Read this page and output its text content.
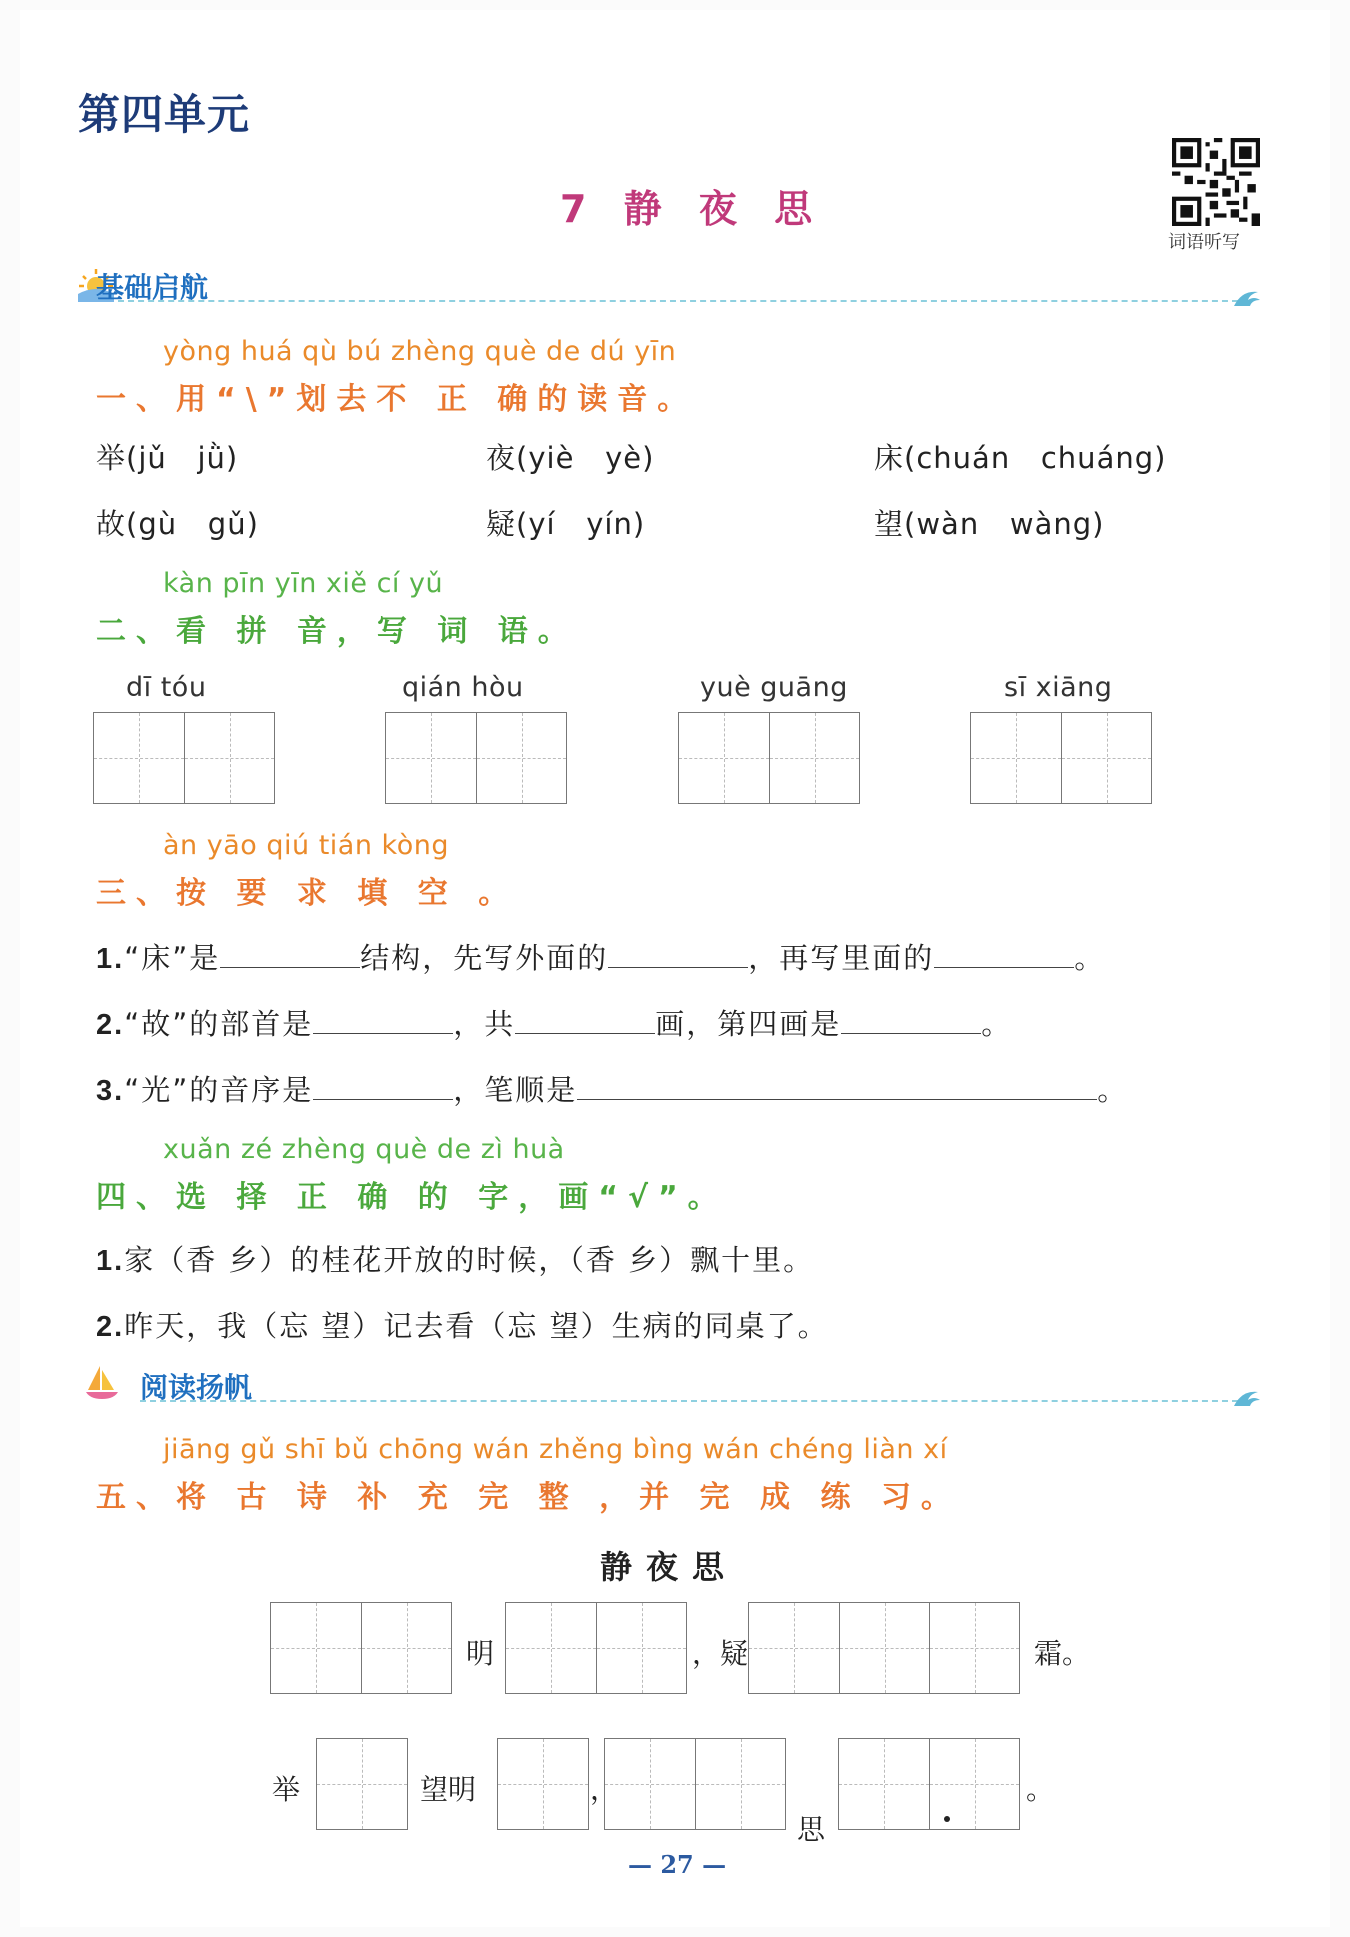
第四单元
7 静 夜 思
词语听写
基础启航
yòng huá qù bú zhèng què de dú yīn
一、用“\”划去不 正 确的读音。
举(jǔ jǜ)	夜(yiè yè)	床(chuán chuáng)
故(gù gǔ)	疑(yí yín)	望(wàn wàng)
kàn pīn yīn xiě cí yǔ
二、看 拼 音，写 词 语。
dī tóu	qián hòu	yuè guāng	sī xiāng
àn yāo qiú tián kòng
三、按 要 求 填 空 。
1.“床”是	结构，先写外面的	，再写里面的	。
2.“故”的部首是	，共	画，第四画是	。
3.“光”的音序是	，笔顺是	。
xuǎn zé zhèng què de zì huà
四、选 择 正 确 的 字，画“√”。
1.家（香 乡）的桂花开放的时候，（香 乡）飘十里。
2.昨天，我（忘 望）记去看（忘 望）生病的同桌了。
阅读扬帆
jiāng gǔ shī bǔ chōng wán zhěng bìng wán chéng liàn xí
五、将 古 诗 补 充 完 整 ，并 完 成 练 习。
静夜思
明	，疑	霜。
举	望明	，
思
。
— 27 —
